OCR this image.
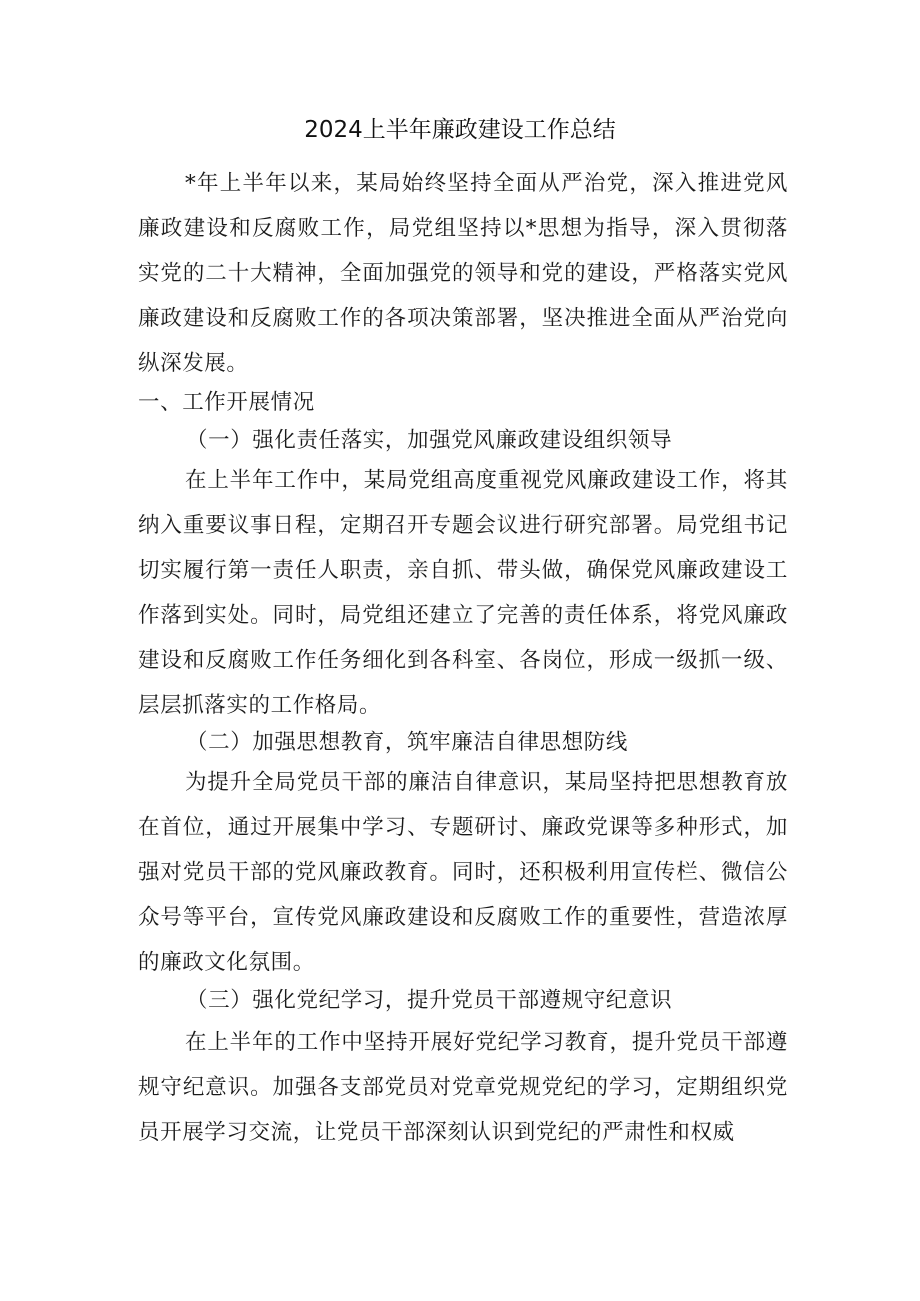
2024上半年廉政建设工作总结

*年上半年以来，某局始终坚持全面从严治党，深入推进党风廉政建设和反腐败工作，局党组坚持以*思想为指导，深入贯彻落实党的二十大精神，全面加强党的领导和党的建设，严格落实党风廉政建设和反腐败工作的各项决策部署，坚决推进全面从严治党向纵深发展。

一、工作开展情况

（一）强化责任落实，加强党风廉政建设组织领导

在上半年工作中，某局党组高度重视党风廉政建设工作，将其纳入重要议事日程，定期召开专题会议进行研究部署。局党组书记切实履行第一责任人职责，亲自抓、带头做，确保党风廉政建设工作落到实处。同时，局党组还建立了完善的责任体系，将党风廉政建设和反腐败工作任务细化到各科室、各岗位，形成一级抓一级、层层抓落实的工作格局。

（二）加强思想教育，筑牢廉洁自律思想防线

为提升全局党员干部的廉洁自律意识，某局坚持把思想教育放在首位，通过开展集中学习、专题研讨、廉政党课等多种形式，加强对党员干部的党风廉政教育。同时，还积极利用宣传栏、微信公众号等平台，宣传党风廉政建设和反腐败工作的重要性，营造浓厚的廉政文化氛围。

（三）强化党纪学习，提升党员干部遵规守纪意识

在上半年的工作中坚持开展好党纪学习教育，提升党员干部遵规守纪意识。加强各支部党员对党章党规党纪的学习，定期组织党员开展学习交流，让党员干部深刻认识到党纪的严肃性和权威
